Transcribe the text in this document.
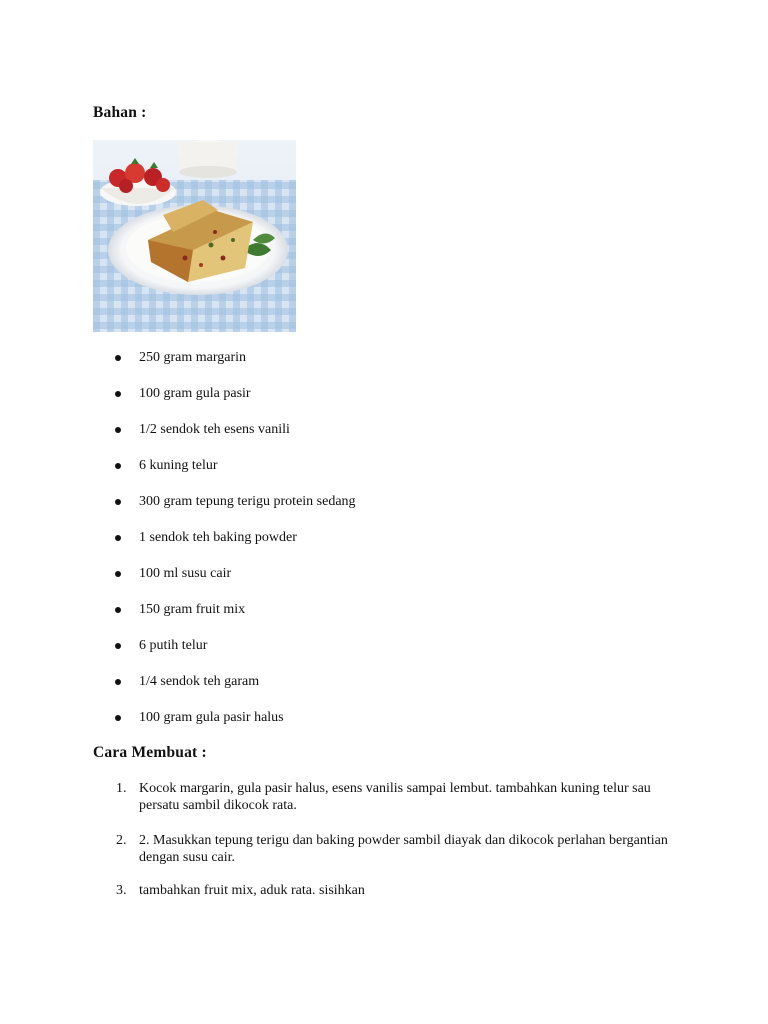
Bahan :
250 gram margarin
100 gram gula pasir
1/2 sendok teh esens vanili
6 kuning telur
300 gram tepung terigu protein sedang
1 sendok teh baking powder
100 ml susu cair
150 gram fruit mix
6 putih telur
1/4 sendok teh garam
100 gram gula pasir halus
Cara Membuat :
1. Kocok margarin, gula pasir halus, esens vanilis sampai lembut. tambahkan kuning telur sau persatu sambil dikocok rata.
2. 2. Masukkan tepung terigu dan baking powder sambil diayak dan dikocok perlahan bergantian dengan susu cair.
3. tambahkan fruit mix, aduk rata. sisihkan
